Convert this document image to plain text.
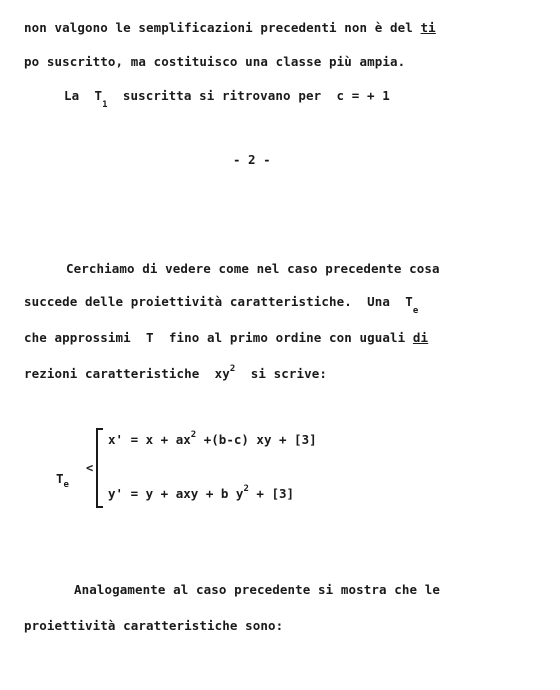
non valgono le semplificazioni precedenti non è del ti
po suscritto, ma costituisco una classe più ampia.
La  $T_1$  suscritta si ritrovano per  c = + 1
- 2 -
Cerchiamo di vedere come nel caso precedente cosa
succede delle proiettività caratteristiche.  Una  $T_e$
che approssimi  T  fino al primo ordine con uguali di
rezioni caratteristiche  $xy^2$  si scrive:
$T_e$
<
$x' = x + ax^2 +(b-c)$ xy + [3]
y' = y + axy + b $y^2 + [3]$
Analogamente al caso precedente si mostra che le
proiettività caratteristiche sono:
